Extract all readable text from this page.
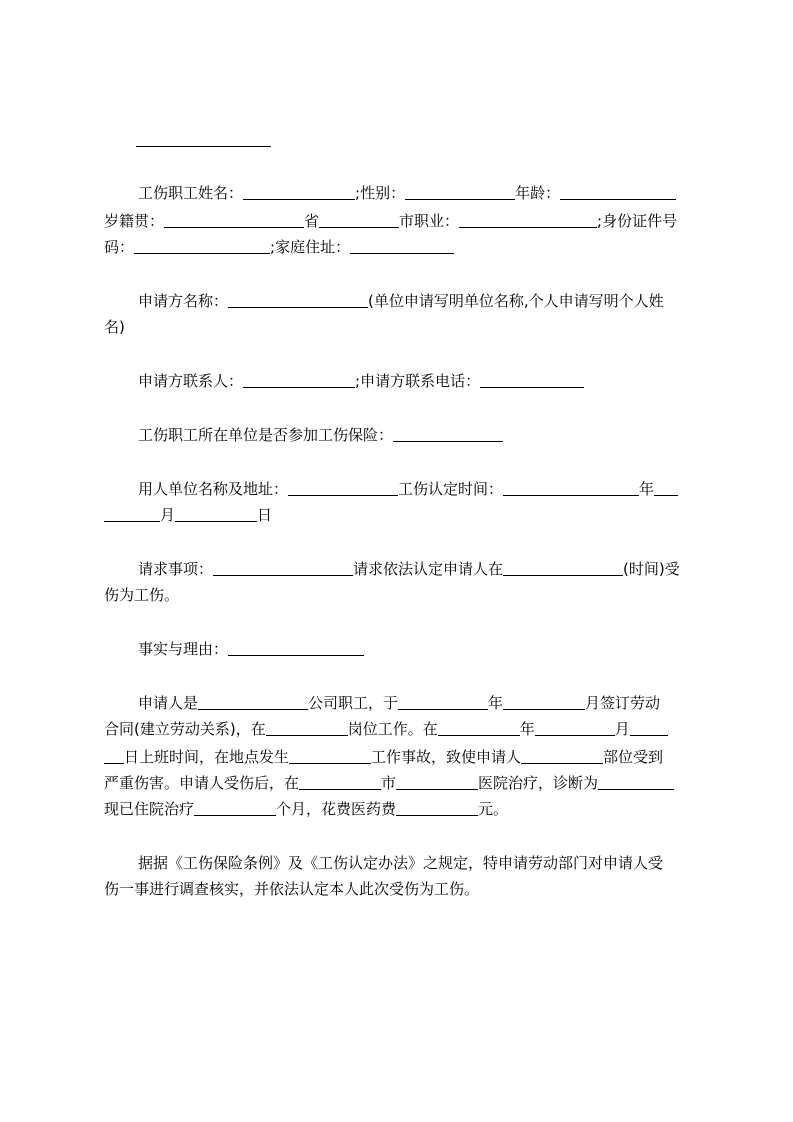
工伤职工姓名：	;性别：	年龄：
岁籍贯：	省	市职业：	;身份证件号
码：	;家庭住址：
申请方名称：	(单位申请写明单位名称,个人申请写明个人姓
名)
申请方联系人：	;申请方联系电话：
工伤职工所在单位是否参加工伤保险：
用人单位名称及地址：	工伤认定时间：	年
月	日
请求事项：	请求依法认定申请人在	(时间)受
伤为工伤。
事实与理由：
申请人是	公司职工，于	年	月签订劳动
合同(建立劳动关系)，在	岗位工作。在	年	月
日上班时间，在地点发生	工作事故，致使申请人	部位受到
严重伤害。申请人受伤后，在	市	医院治疗，诊断为
现已住院治疗	个月，花费医药费	元。
据据《工伤保险条例》及《工伤认定办法》之规定，特申请劳动部门对申请人受
伤一事进行调查核实，并依法认定本人此次受伤为工伤。
